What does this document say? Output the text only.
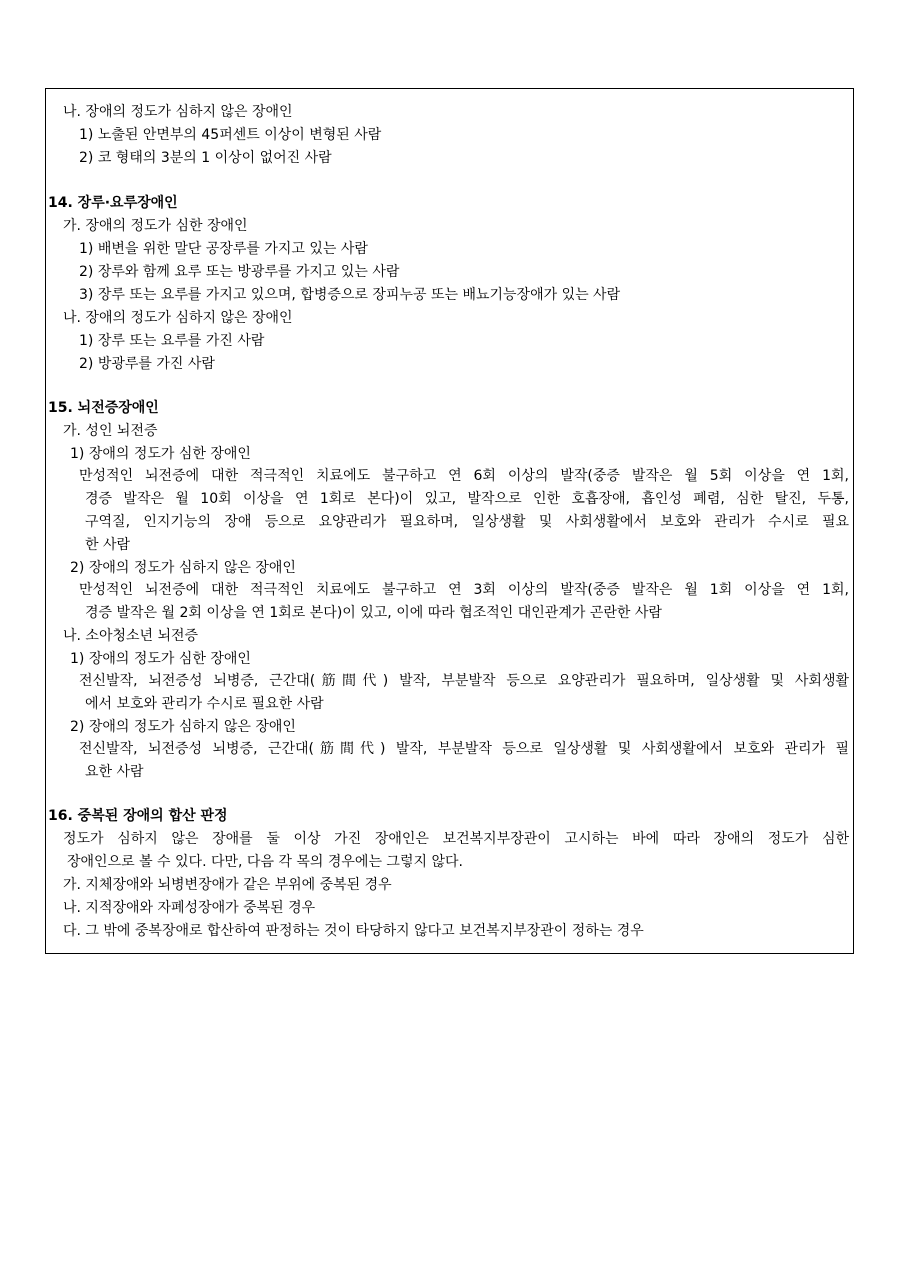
나. 장애의 정도가 심하지 않은 장애인
1) 노출된 안면부의 45퍼센트 이상이 변형된 사람
2) 코 형태의 3분의 1 이상이 없어진 사람
14. 장루·요루장애인
가. 장애의 정도가 심한 장애인
1) 배변을 위한 말단 공장루를 가지고 있는 사람
2) 장루와 함께 요루 또는 방광루를 가지고 있는 사람
3) 장루 또는 요루를 가지고 있으며, 합병증으로 장피누공 또는 배뇨기능장애가 있는 사람
나. 장애의 정도가 심하지 않은 장애인
1) 장루 또는 요루를 가진 사람
2) 방광루를 가진 사람
15. 뇌전증장애인
가. 성인 뇌전증
1) 장애의 정도가 심한 장애인
만성적인 뇌전증에 대한 적극적인 치료에도 불구하고 연 6회 이상의 발작(중증 발작은 월 5회 이상을 연 1회,
경증 발작은 월 10회 이상을 연 1회로 본다)이 있고, 발작으로 인한 호흡장애, 흡인성 폐렴, 심한 탈진, 두통,
구역질, 인지기능의 장애 등으로 요양관리가 필요하며, 일상생활 및 사회생활에서 보호와 관리가 수시로 필요
한 사람
2) 장애의 정도가 심하지 않은 장애인
만성적인 뇌전증에 대한 적극적인 치료에도 불구하고 연 3회 이상의 발작(중증 발작은 월 1회 이상을 연 1회,
경증 발작은 월 2회 이상을 연 1회로 본다)이 있고, 이에 따라 협조적인 대인관계가 곤란한 사람
나. 소아청소년 뇌전증
1) 장애의 정도가 심한 장애인
전신발작, 뇌전증성 뇌병증, 근간대(筋間代) 발작, 부분발작 등으로 요양관리가 필요하며, 일상생활 및 사회생활
에서 보호와 관리가 수시로 필요한 사람
2) 장애의 정도가 심하지 않은 장애인
전신발작, 뇌전증성 뇌병증, 근간대(筋間代) 발작, 부분발작 등으로 일상생활 및 사회생활에서 보호와 관리가 필
요한 사람
16. 중복된 장애의 합산 판정
정도가 심하지 않은 장애를 둘 이상 가진 장애인은 보건복지부장관이 고시하는 바에 따라 장애의 정도가 심한
장애인으로 볼 수 있다. 다만, 다음 각 목의 경우에는 그렇지 않다.
가. 지체장애와 뇌병변장애가 같은 부위에 중복된 경우
나. 지적장애와 자폐성장애가 중복된 경우
다. 그 밖에 중복장애로 합산하여 판정하는 것이 타당하지 않다고 보건복지부장관이 정하는 경우
